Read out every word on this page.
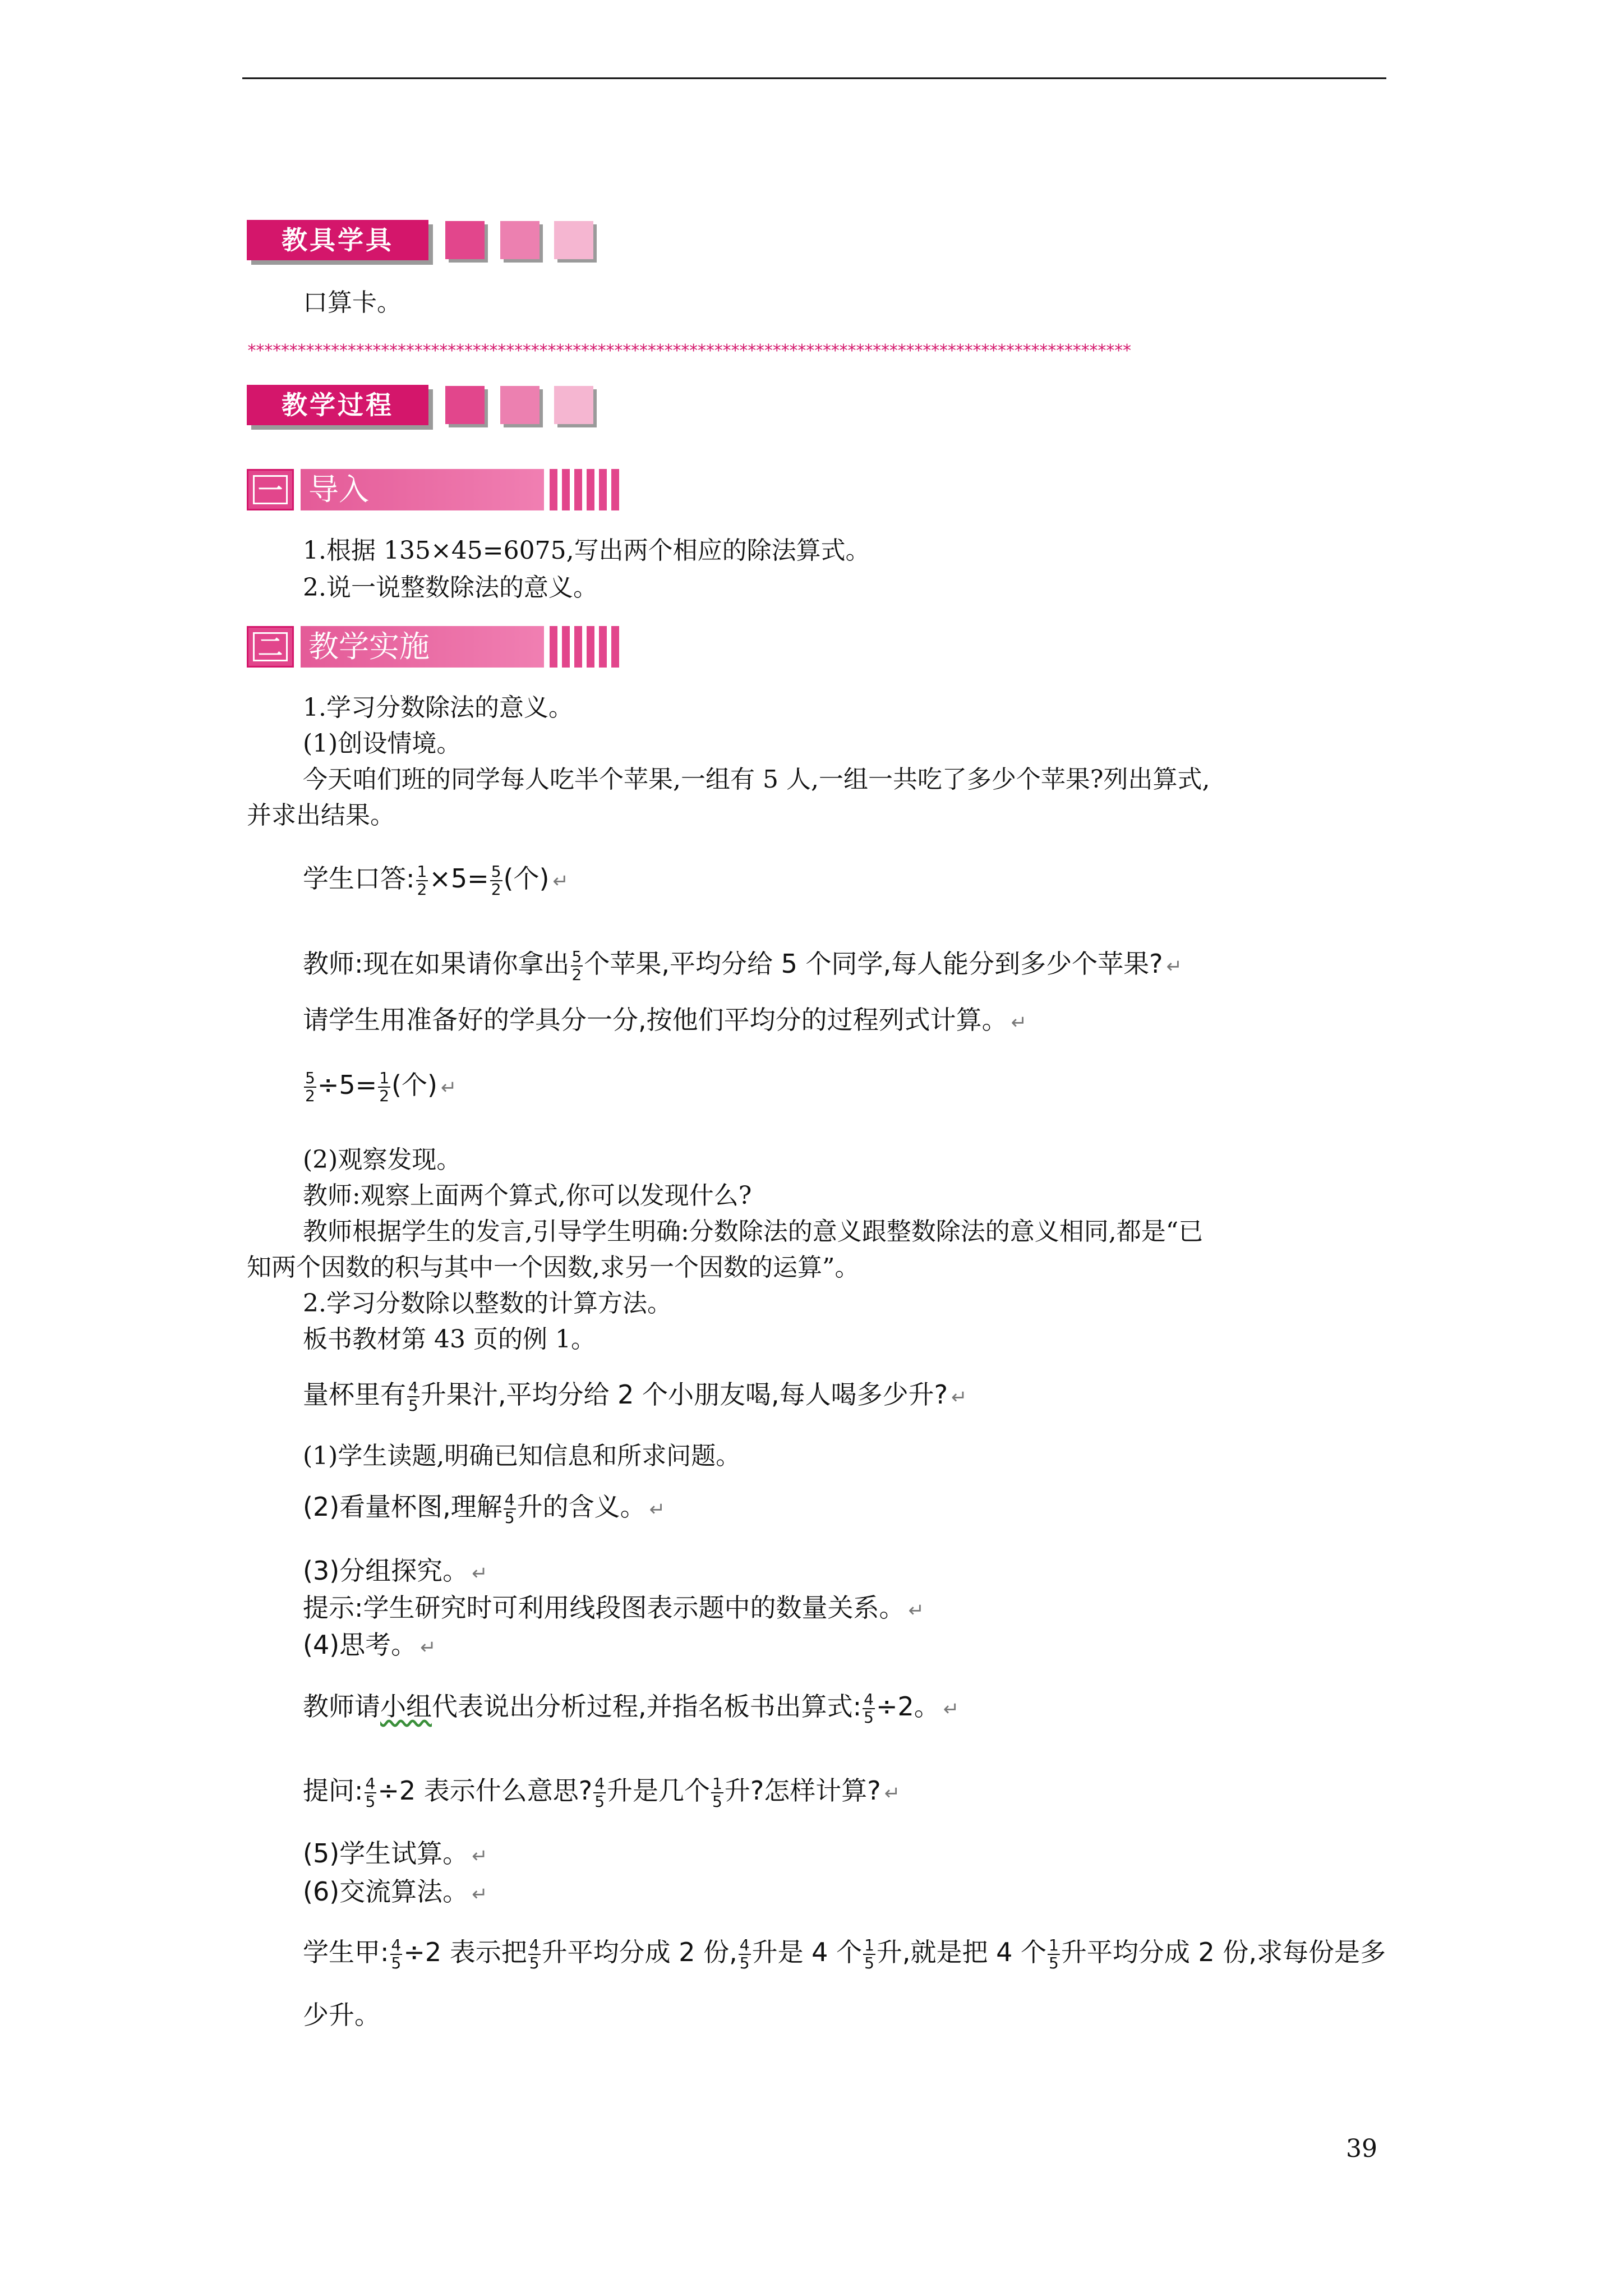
教具学具
口算卡。
**********************************************************************************************************
教学过程
一 导入
1.根据 135×45=6075,写出两个相应的除法算式。
2.说一说整数除法的意义。
二 教学实施
1.学习分数除法的意义。
(1)创设情境。
今天咱们班的同学每人吃半个苹果,一组有 5 人,一组一共吃了多少个苹果?列出算式,
并求出结果。
学生口答: $\frac{1}{2} \times 5= \frac{5}{2}$ (个) ↵
教师:现在如果请你拿出 $\frac{5}{2}$ 个苹果,平均分给 5 个同学,每人能分到多少个苹果? ↵
请学生用准备好的学具分一分,按他们平均分的过程列式计算。 ↵
$\frac{5}{2} \div 5= \frac{1}{2}$ (个) ↵
(2)观察发现。
教师:观察上面两个算式,你可以发现什么?
教师根据学生的发言,引导学生明确:分数除法的意义跟整数除法的意义相同,都是“已
知两个因数的积与其中一个因数,求另一个因数的运算”。
2.学习分数除以整数的计算方法。
板书教材第 43 页的例 1。
量杯里有 $\frac{4}{5}$ 升果汁,平均分给 2 个小朋友喝,每人喝多少升? ↵
(1)学生读题,明确已知信息和所求问题。
(2)看量杯图,理解 $\frac{4}{5}$ 升的含义。 ↵
(3)分组探究。 ↵
提示:学生研究时可利用线段图表示题中的数量关系。 ↵
(4)思考。 ↵
教师请小组代表说出分析过程,并指名板书出算式: $\frac{4}{5} \div 2$。 ↵
提问: $\frac{4}{5} \div 2$ 表示什么意思? $\frac{4}{5}$ 升是几个 $\frac{1}{5}$ 升?怎样计算? ↵
(5)学生试算。 ↵
(6)交流算法。 ↵
学生甲: $\frac{4}{5} \div 2$ 表示把 $\frac{4}{5}$ 升平均分成 2 份, $\frac{4}{5}$ 升是 4 个 $\frac{1}{5}$ 升,就是把 4 个 $\frac{1}{5}$ 升平均分成 2 份,求每份是多
少升。
39
